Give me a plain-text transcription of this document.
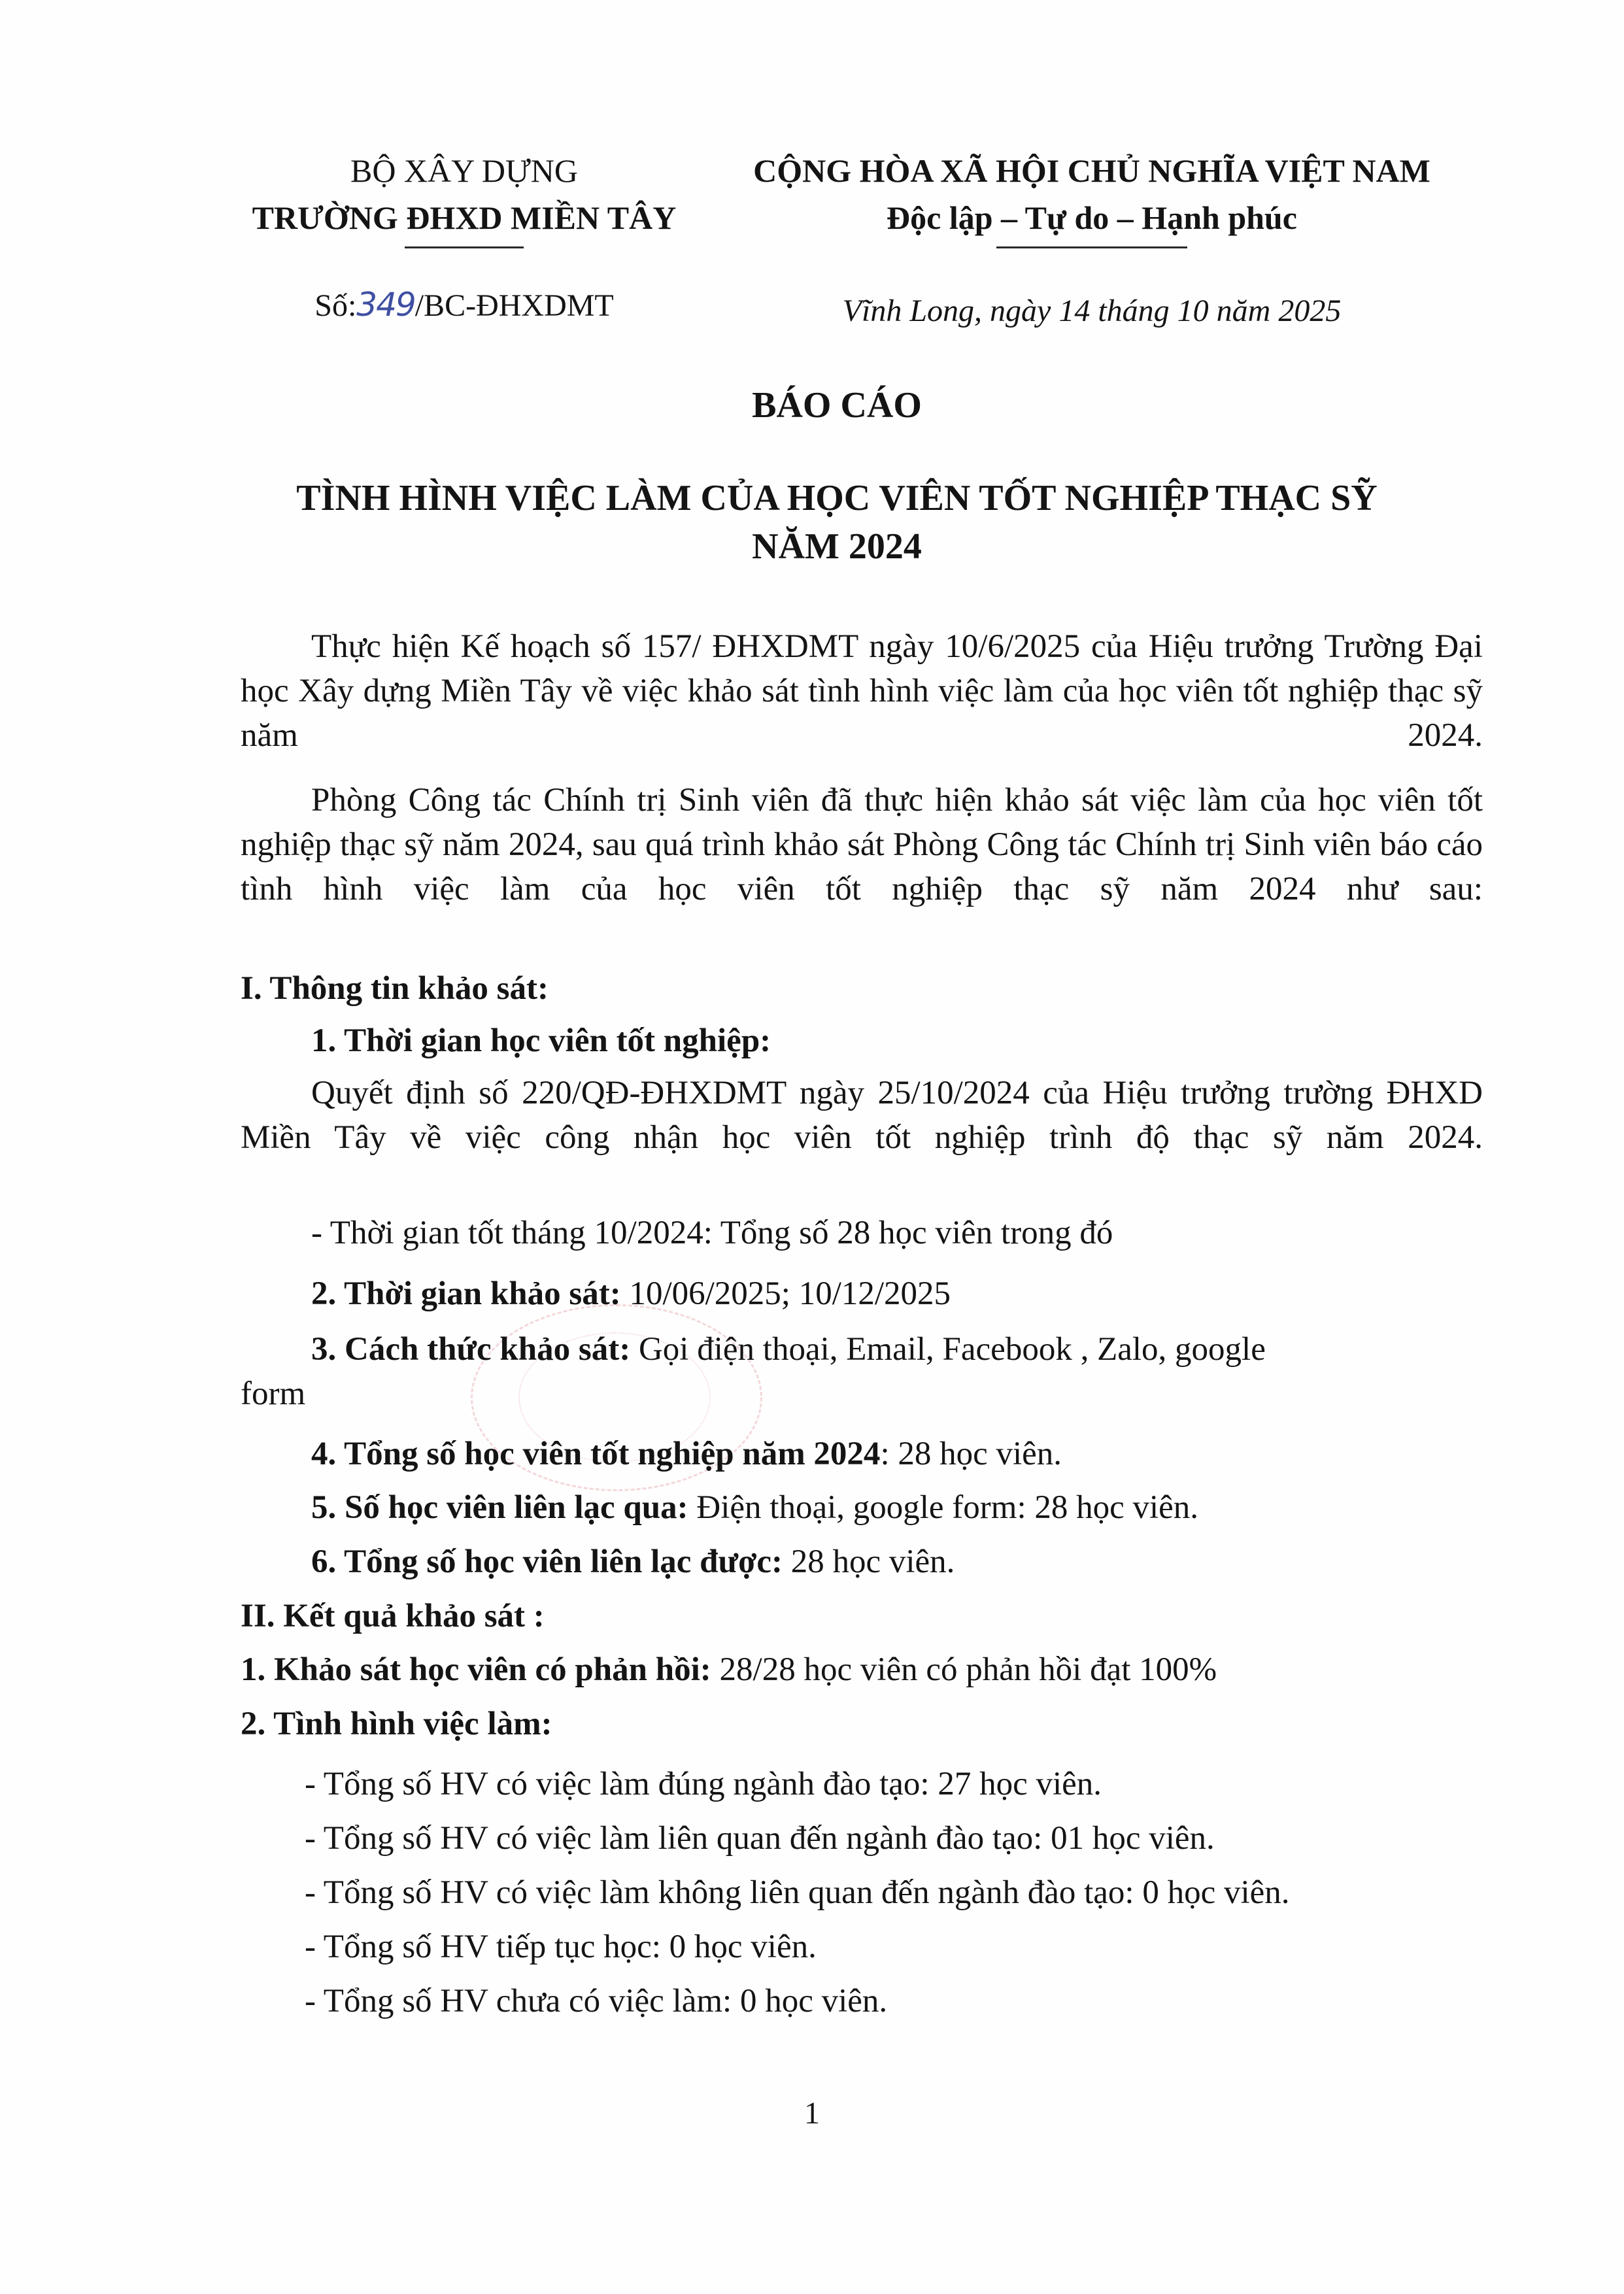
BỘ XÂY DỰNG
TRƯỜNG ĐHXD MIỀN TÂY
CỘNG HÒA XÃ HỘI CHỦ NGHĨA VIỆT NAM
Độc lập – Tự do – Hạnh phúc
Số:349/BC-ĐHXDMT	Vĩnh Long, ngày 14 tháng 10 năm 2025
BÁO CÁO
TÌNH HÌNH VIỆC LÀM CỦA HỌC VIÊN TỐT NGHIỆP THẠC SỸ
NĂM 2024
Thực hiện Kế hoạch số 157/ ĐHXDMT ngày 10/6/2025 của Hiệu trưởng Trường Đại học Xây dựng Miền Tây về việc khảo sát tình hình việc làm của học viên tốt nghiệp thạc sỹ năm 2024.
Phòng Công tác Chính trị Sinh viên đã thực hiện khảo sát việc làm của học viên tốt nghiệp thạc sỹ năm 2024, sau quá trình khảo sát Phòng Công tác Chính trị Sinh viên báo cáo tình hình việc làm của học viên tốt nghiệp thạc sỹ năm 2024 như sau:
I. Thông tin khảo sát:
1. Thời gian học viên tốt nghiệp:
Quyết định số 220/QĐ-ĐHXDMT ngày 25/10/2024 của Hiệu trưởng trường ĐHXD Miền Tây về việc công nhận học viên tốt nghiệp trình độ thạc sỹ năm 2024.
- Thời gian tốt tháng 10/2024: Tổng số 28 học viên trong đó
2. Thời gian khảo sát: 10/06/2025; 10/12/2025
3. Cách thức khảo sát: Gọi điện thoại, Email, Facebook , Zalo, google
form
4. Tổng số học viên tốt nghiệp năm 2024: 28 học viên.
5. Số học viên liên lạc qua: Điện thoại, google form: 28 học viên.
6. Tổng số học viên liên lạc được: 28 học viên.
II. Kết quả khảo sát :
1. Khảo sát học viên có phản hồi: 28/28 học viên có phản hồi đạt 100%
2. Tình hình việc làm:
- Tổng số HV có việc làm đúng ngành đào tạo: 27 học viên.
- Tổng số HV có việc làm liên quan đến ngành đào tạo: 01 học viên.
- Tổng số HV có việc làm không liên quan đến ngành đào tạo: 0 học viên.
- Tổng số HV tiếp tục học: 0 học viên.
- Tổng số HV chưa có việc làm: 0 học viên.
1
